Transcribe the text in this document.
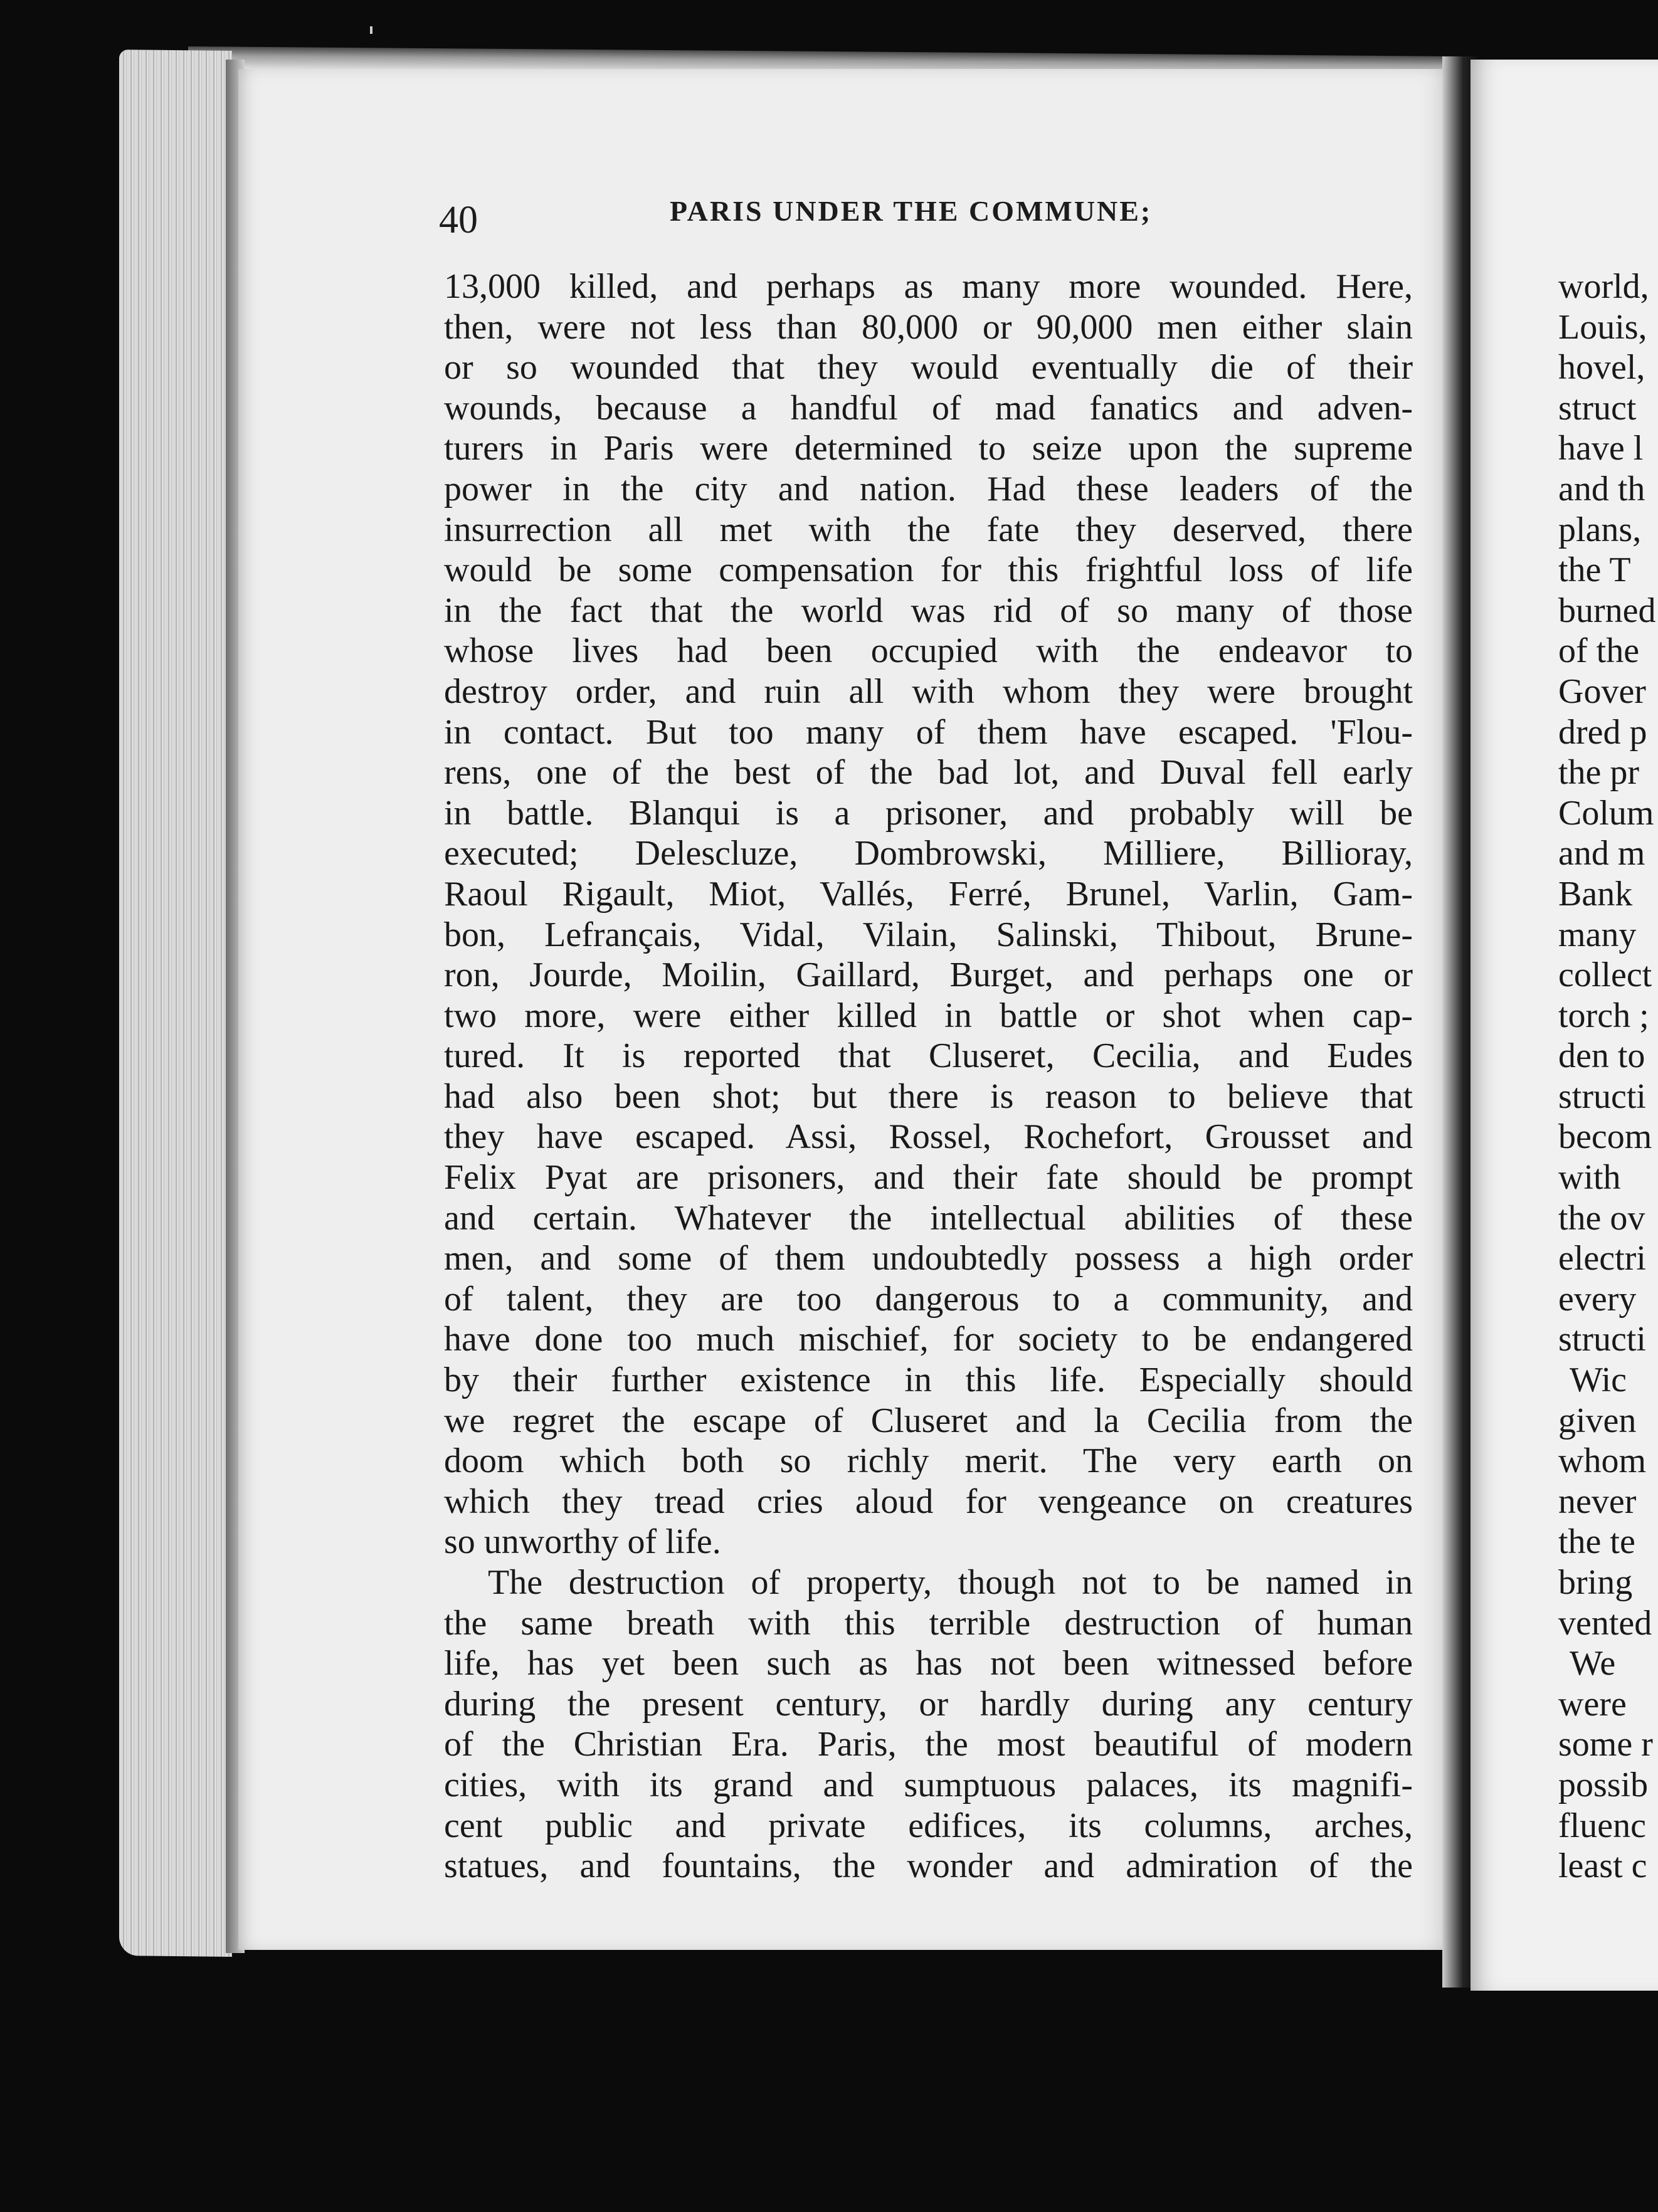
40	PARIS UNDER THE COMMUNE;
13,000 killed, and perhaps as many more wounded. Here,
then, were not less than 80,000 or 90,000 men either slain
or so wounded that they would eventually die of their
wounds, because a handful of mad fanatics and adven-
turers in Paris were determined to seize upon the supreme
power in the city and nation. Had these leaders of the
insurrection all met with the fate they deserved, there
would be some compensation for this frightful loss of life
in the fact that the world was rid of so many of those
whose lives had been occupied with the endeavor to
destroy order, and ruin all with whom they were brought
in contact. But too many of them have escaped. 'Flou-
rens, one of the best of the bad lot, and Duval fell early
in battle. Blanqui is a prisoner, and probably will be
executed; Delescluze, Dombrowski, Milliere, Billioray,
Raoul Rigault, Miot, Vallés, Ferré, Brunel, Varlin, Gam-
bon, Lefrançais, Vidal, Vilain, Salinski, Thibout, Brune-
ron, Jourde, Moilin, Gaillard, Burget, and perhaps one or
two more, were either killed in battle or shot when cap-
tured. It is reported that Cluseret, Cecilia, and Eudes
had also been shot; but there is reason to believe that
they have escaped. Assi, Rossel, Rochefort, Grousset and
Felix Pyat are prisoners, and their fate should be prompt
and certain. Whatever the intellectual abilities of these
men, and some of them undoubtedly possess a high order
of talent, they are too dangerous to a community, and
have done too much mischief, for society to be endangered
by their further existence in this life. Especially should
we regret the escape of Cluseret and la Cecilia from the
doom which both so richly merit. The very earth on
which they tread cries aloud for vengeance on creatures
so unworthy of life.
The destruction of property, though not to be named in
the same breath with this terrible destruction of human
life, has yet been such as has not been witnessed before
during the present century, or hardly during any century
of the Christian Era. Paris, the most beautiful of modern
cities, with its grand and sumptuous palaces, its magnifi-
cent public and private edifices, its columns, arches,
statues, and fountains, the wonder and admiration of the
world,
Louis,
hovel,
struct
have l
and th
plans,
the T
burned
of the
Gover
dred p
the pr
Colum
and m
Bank
many
collect
torch ;
den to
structi
becom
with
the ov
electri
every
structi
Wic
given
whom
never
the te
bring
vented
We
were
some r
possib
fluenc
least c
